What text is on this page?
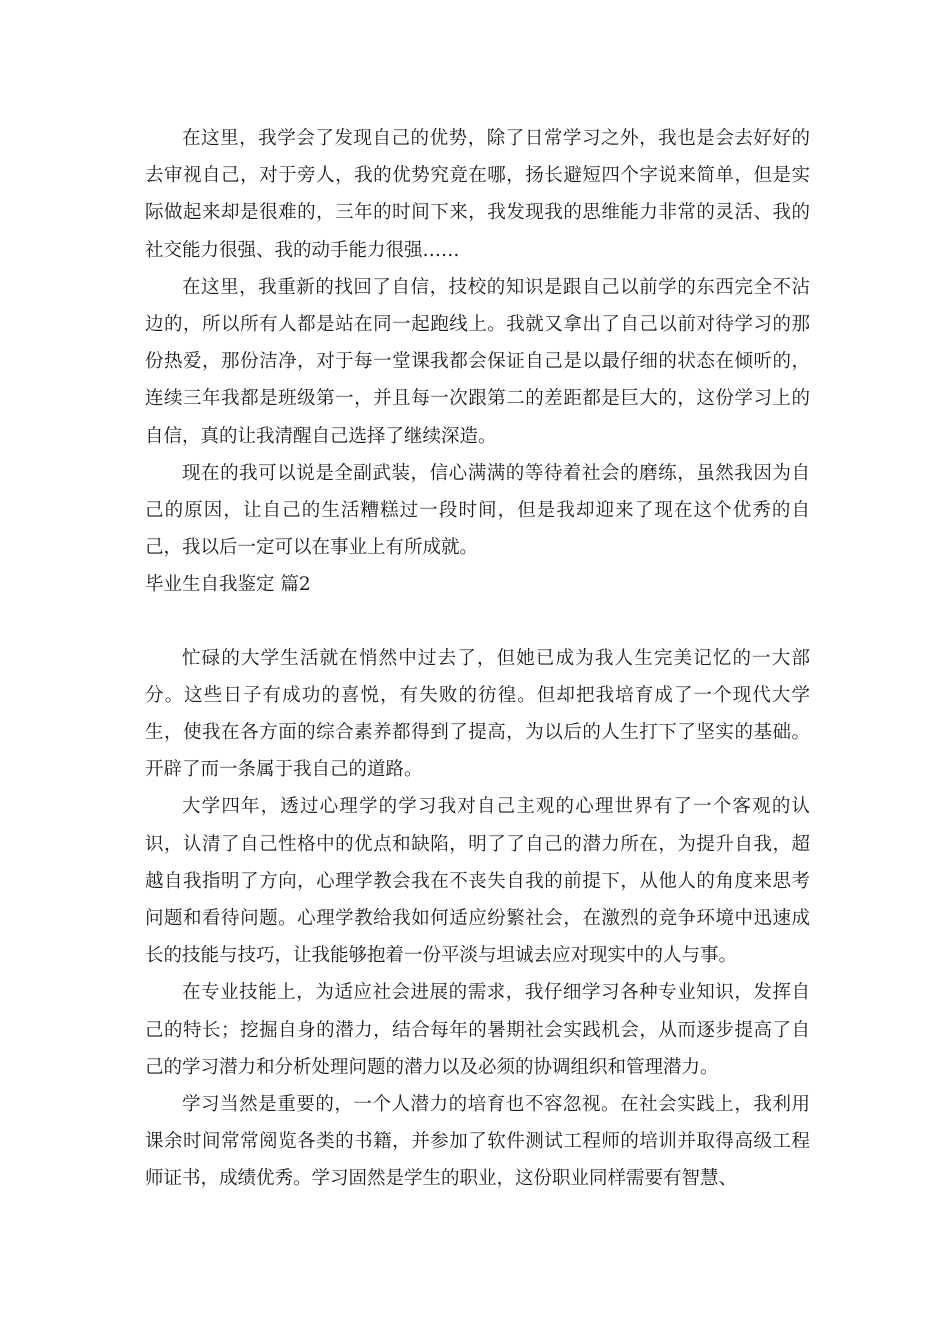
在这里，我学会了发现自己的优势，除了日常学习之外，我也是会去好好的去审视自己，对于旁人，我的优势究竟在哪，扬长避短四个字说来简单，但是实际做起来却是很难的，三年的时间下来，我发现我的思维能力非常的灵活、我的社交能力很强、我的动手能力很强……

在这里，我重新的找回了自信，技校的知识是跟自己以前学的东西完全不沾边的，所以所有人都是站在同一起跑线上。我就又拿出了自己以前对待学习的那份热爱，那份洁净，对于每一堂课我都会保证自己是以最仔细的状态在倾听的，连续三年我都是班级第一，并且每一次跟第二的差距都是巨大的，这份学习上的自信，真的让我清醒自己选择了继续深造。

现在的我可以说是全副武装，信心满满的等待着社会的磨练，虽然我因为自己的原因，让自己的生活糟糕过一段时间，但是我却迎来了现在这个优秀的自己，我以后一定可以在事业上有所成就。

毕业生自我鉴定 篇2

忙碌的大学生活就在悄然中过去了，但她已成为我人生完美记忆的一大部分。这些日子有成功的喜悦，有失败的彷徨。但却把我培育成了一个现代大学生，使我在各方面的综合素养都得到了提高，为以后的人生打下了坚实的基础。开辟了而一条属于我自己的道路。

大学四年，透过心理学的学习我对自己主观的心理世界有了一个客观的认识，认清了自己性格中的优点和缺陷，明了了自己的潜力所在，为提升自我，超越自我指明了方向，心理学教会我在不丧失自我的前提下，从他人的角度来思考问题和看待问题。心理学教给我如何适应纷繁社会，在激烈的竞争环境中迅速成长的技能与技巧，让我能够抱着一份平淡与坦诚去应对现实中的人与事。

在专业技能上，为适应社会进展的需求，我仔细学习各种专业知识，发挥自己的特长；挖掘自身的潜力，结合每年的暑期社会实践机会，从而逐步提高了自己的学习潜力和分析处理问题的潜力以及必须的协调组织和管理潜力。

学习当然是重要的，一个人潜力的培育也不容忽视。在社会实践上，我利用课余时间常常阅览各类的书籍，并参加了软件测试工程师的培训并取得高级工程师证书，成绩优秀。学习固然是学生的职业，这份职业同样需要有智慧、
